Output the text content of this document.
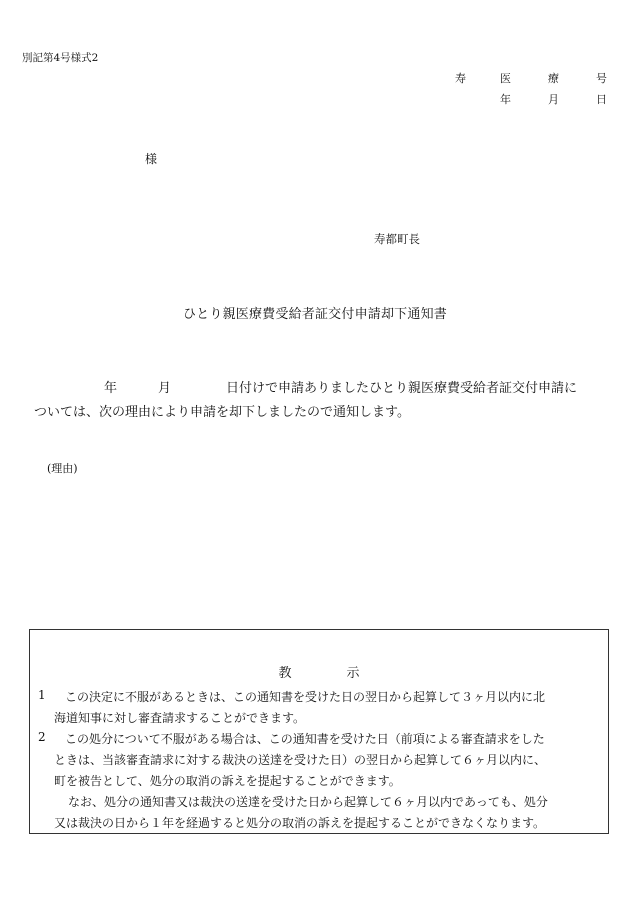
別記第4号様式2
寿	医	療	号
年	月	日
様
寿都町長
ひとり親医療費受給者証交付申請却下通知書
年	月	日付けで申請ありましたひとり親医療費受給者証交付申請に
ついては、次の理由により申請を却下しましたので通知します。
(理由)
教	示
1 この決定に不服があるときは、この通知書を受けた日の翌日から起算して３ヶ月以内に北
海道知事に対し審査請求することができます。
2 この処分について不服がある場合は、この通知書を受けた日（前項による審査請求をした
ときは、当該審査請求に対する裁決の送達を受けた日）の翌日から起算して６ヶ月以内に、
町を被告として、処分の取消の訴えを提起することができます。
なお、処分の通知書又は裁決の送達を受けた日から起算して６ヶ月以内であっても、処分
又は裁決の日から１年を経過すると処分の取消の訴えを提起することができなくなります。
